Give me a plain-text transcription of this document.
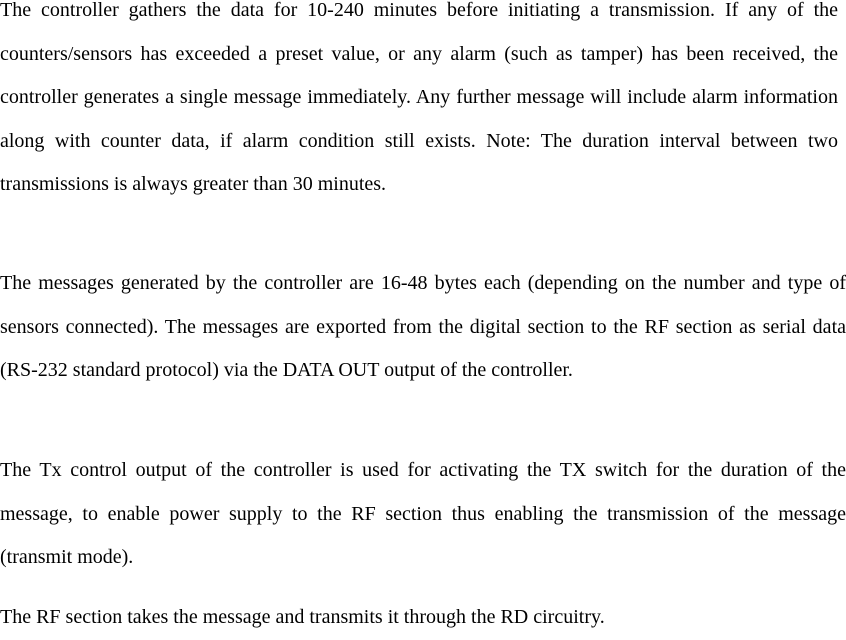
The controller gathers the data for 10-240 minutes before initiating a transmission. If any of the counters/sensors has exceeded a preset value, or any alarm (such as tamper) has been received, the controller generates a single message immediately. Any further message will include alarm information along with counter data, if alarm condition still exists. Note: The duration interval between two transmissions is always greater than 30 minutes.

The messages generated by the controller are 16-48 bytes each (depending on the number and type of sensors connected). The messages are exported from the digital section to the RF section as serial data (RS-232 standard protocol) via the DATA OUT output of the controller.

The Tx control output of the controller is used for activating the TX switch for the duration of the message, to enable power supply to the RF section thus enabling the transmission of the message (transmit mode).

The RF section takes the message and transmits it through the RD circuitry.
